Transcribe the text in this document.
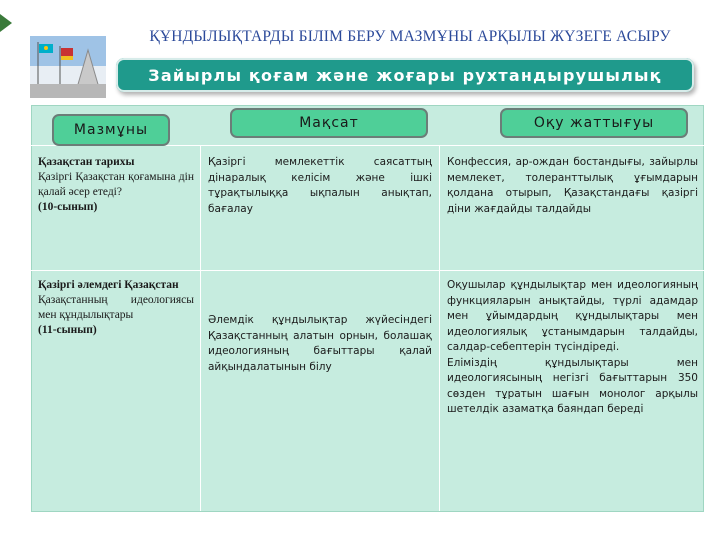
ҚҰНДЫЛЫҚТАРДЫ БІЛІМ БЕРУ МАЗМҰНЫ АРҚЫЛЫ ЖҮЗЕГЕ АСЫРУ
Зайырлы қоғам және жоғары рухтандырушылық
Мазмұны	Мақсат	Оқу жаттығуы
Қазақстан тарихы
Қазіргі Қазақстан қоғамына дін қалай әсер етеді?
(10-сынып)
Қазіргі мемлекеттік саясаттың дінаралық келісім және ішкі тұрақтылыққа ықпалын анықтап, бағалау
Конфессия, ар-ождан бостандығы, зайырлы мемлекет, толеранттылық ұғымдарын қолдана отырып, Қазақстандағы қазіргі діни жағдайды талдайды
Қазіргі әлемдегі Қазақстан
Қазақстанның идеологиясы мен құндылықтары
(11-сынып)
Әлемдік құндылықтар жүйесіндегі Қазақстанның алатын орнын, болашақ идеологияның бағыттары қалай айқындалатынын білу
Оқушылар құндылықтар мен идеологияның функцияларын анықтайды, түрлі адамдар мен ұйымдардың құндылықтары мен идеологиялық ұстанымдарын талдайды, салдар-себептерін түсіндіреді.
Еліміздің құндылықтары мен идеологиясының негізгі бағыттарын 350 сөзден тұратын шағын монолог арқылы шетелдік азаматқа баяндап береді
